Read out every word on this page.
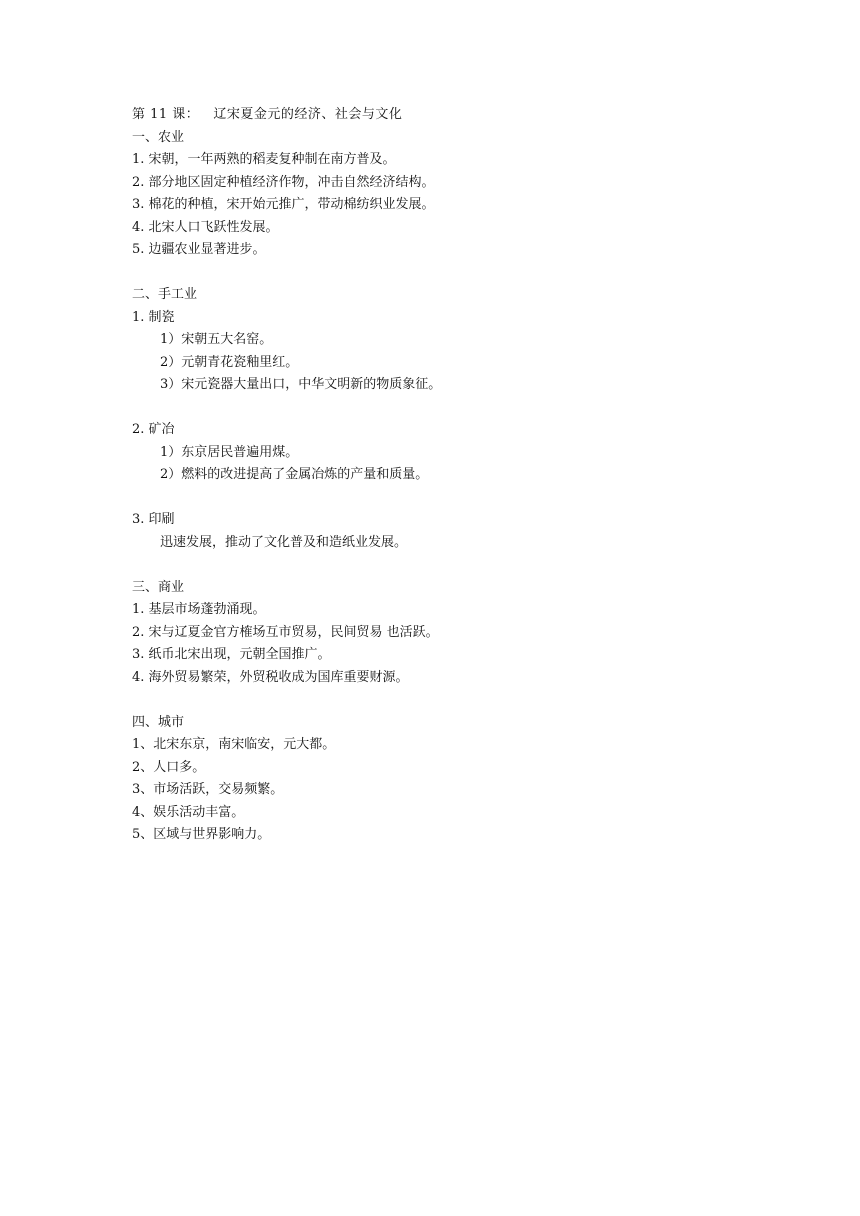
第 11 课： 辽宋夏金元的经济、社会与文化
一、农业
1. 宋朝，一年两熟的稻麦复种制在南方普及。
2. 部分地区固定种植经济作物，冲击自然经济结构。
3. 棉花的种植，宋开始元推广，带动棉纺织业发展。
4. 北宋人口飞跃性发展。
5. 边疆农业显著进步。
二、手工业
1. 制瓷
1）宋朝五大名窑。
2）元朝青花瓷釉里红。
3）宋元瓷器大量出口，中华文明新的物质象征。
2. 矿冶
1）东京居民普遍用煤。
2）燃料的改进提高了金属冶炼的产量和质量。
3. 印刷
迅速发展，推动了文化普及和造纸业发展。
三、商业
1. 基层市场蓬勃涌现。
2. 宋与辽夏金官方榷场互市贸易，民间贸易 也活跃。
3. 纸币北宋出现，元朝全国推广。
4. 海外贸易繁荣，外贸税收成为国库重要财源。
四、城市
1、北宋东京，南宋临安，元大都。
2、人口多。
3、市场活跃，交易频繁。
4、娱乐活动丰富。
5、区域与世界影响力。
